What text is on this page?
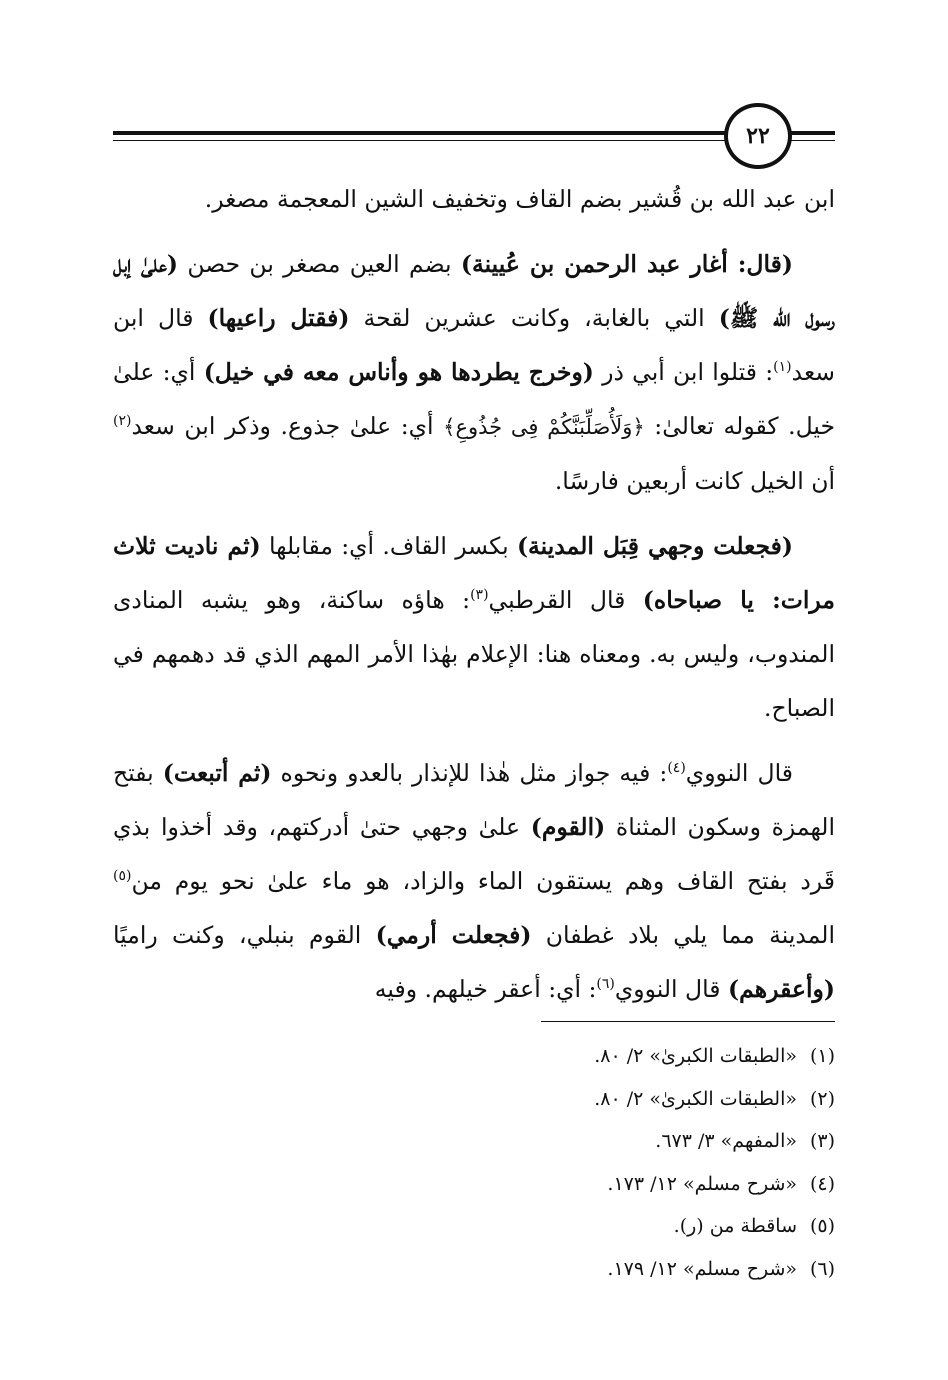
٢٢

ابن عبد الله بن قُشير بضم القاف وتخفيف الشين المعجمة مصغر.

(قال: أغار عبد الرحمن بن عُيينة) بضم العين مصغر بن حصن (علىٰ إبل رسول الله ﷺ) التي بالغابة، وكانت عشرين لقحة (فقتل راعيها) قال ابن سعد$^{(١)}$: قتلوا ابن أبي ذر (وخرج يطردها هو وأناس معه في خيل) أي: علىٰ خيل. كقوله تعالىٰ: ﴿وَلَأُصَلِّبَنَّكُمْ فِى جُذُوعِ﴾ أي: علىٰ جذوع. وذكر ابن سعد$^{(٢)}$ أن الخيل كانت أربعين فارسًا.

(فجعلت وجهي قِبَل المدينة) بكسر القاف. أي: مقابلها (ثم ناديت ثلاث مرات: يا صباحاه) قال القرطبي$^{(٣)}$: هاؤه ساكنة، وهو يشبه المنادى المندوب، وليس به. ومعناه هنا: الإعلام بهٰذا الأمر المهم الذي قد دهمهم في الصباح.

قال النووي$^{(٤)}$: فيه جواز مثل هٰذا للإنذار بالعدو ونحوه (ثم أتبعت) بفتح الهمزة وسكون المثناة (القوم) علىٰ وجهي حتىٰ أدركتهم، وقد أخذوا بذي قَرد بفتح القاف وهم يستقون الماء والزاد، هو ماء علىٰ نحو يوم من$^{(٥)}$ المدينة مما يلي بلاد غطفان (فجعلت أرمي) القوم بنبلي، وكنت راميًا (وأعقرهم) قال النووي$^{(٦)}$: أي: أعقر خيلهم. وفيه

(١)
«الطبقات الكبرىٰ» ٢/ ٨٠.
(٢)
«الطبقات الكبرىٰ» ٢/ ٨٠.
(٣)
«المفهم» ٣/ ٦٧٣.
(٤)
«شرح مسلم» ١٢/ ١٧٣.
(٥)
ساقطة من (ر).
(٦)
«شرح مسلم» ١٢/ ١٧٩.
